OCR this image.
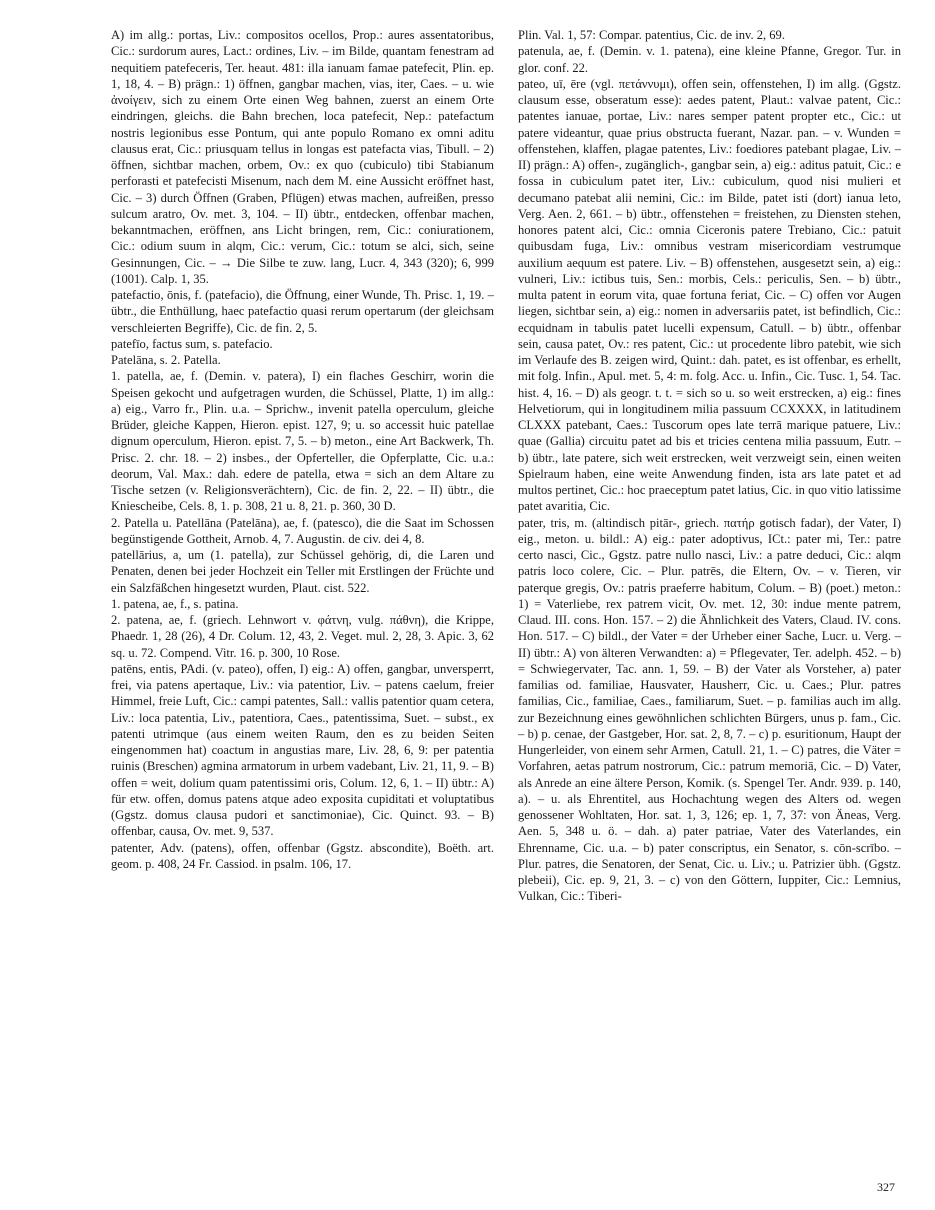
A) im allg.: portas, Liv.: compositos ocellos, Prop.: aures assentatoribus, Cic.: surdorum aures, Lact.: ordines, Liv. – im Bilde, quantam fenestram ad nequitiem patefeceris, Ter. heaut. 481: illa ianuam famae patefecit, Plin. ep. 1, 18, 4. – B) prägn.: 1) öffnen, gangbar machen, vias, iter, Caes. – u. wie ἀνοίγειν, sich zu einem Orte einen Weg bahnen, zuerst an einem Orte eindringen, gleichs. die Bahn brechen, loca patefecit, Nep.: patefactum nostris legionibus esse Pontum, qui ante populo Romano ex omni aditu clausus erat, Cic.: priusquam tellus in longas est patefacta vias, Tibull. – 2) öffnen, sichtbar machen, orbem, Ov.: ex quo (cubiculo) tibi Stabianum perforasti et patefecisti Misenum, nach dem M. eine Aussicht eröffnet hast, Cic. – 3) durch Öffnen (Graben, Pflügen) etwas machen, aufreißen, presso sulcum aratro, Ov. met. 3, 104. – II) übtr., entdecken, offenbar machen, bekanntmachen, eröffnen, ans Licht bringen, rem, Cic.: coniurationem, Cic.: odium suum in alqm, Cic.: verum, Cic.: totum se alci, sich, seine Gesinnungen, Cic. – → Die Silbe te zuw. lang, Lucr. 4, 343 (320); 6, 999 (1001). Calp. 1, 35.

patefactio, ōnis, f. (patefacio), die Öffnung, einer Wunde, Th. Prisc. 1, 19. – übtr., die Enthüllung, haec patefactio quasi rerum opertarum (der gleichsam verschleierten Begriffe), Cic. de fin. 2, 5.

patefīo, factus sum, s. patefacio.

Patelāna, s. 2. Patella.

1. patella, ae, f. (Demin. v. patera), I) ein flaches Geschirr, worin die Speisen gekocht und aufgetragen wurden, die Schüssel, Platte, 1) im allg.: a) eig., Varro fr., Plin. u.a. – Sprichw., invenit patella operculum, gleiche Brüder, gleiche Kappen, Hieron. epist. 127, 9; u. so accessit huic patellae dignum operculum, Hieron. epist. 7, 5. – b) meton., eine Art Backwerk, Th. Prisc. 2. chr. 18. – 2) insbes., der Opferteller, die Opferplatte, Cic. u.a.: deorum, Val. Max.: dah. edere de patella, etwa = sich an dem Altare zu Tische setzen (v. Religionsverächtern), Cic. de fin. 2, 22. – II) übtr., die Kniescheibe, Cels. 8, 1. p. 308, 21 u. 8, 21. p. 360, 30 D.

2. Patella u. Patellāna (Patelāna), ae, f. (patesco), die die Saat im Schossen begünstigende Gottheit, Arnob. 4, 7. Augustin. de civ. dei 4, 8.

patellārius, a, um (1. patella), zur Schüssel gehörig, di, die Laren und Penaten, denen bei jeder Hochzeit ein Teller mit Erstlingen der Früchte und ein Salzfäßchen hingesetzt wurden, Plaut. cist. 522.

1. patena, ae, f., s. patina.

2. patena, ae, f. (griech. Lehnwort v. φάτνη, vulg. πάθνη), die Krippe, Phaedr. 1, 28 (26), 4 Dr. Colum. 12, 43, 2. Veget. mul. 2, 28, 3. Apic. 3, 62 sq. u. 72. Compend. Vitr. 16. p. 300, 10 Rose.

patēns, entis, PAdi. (v. pateo), offen, I) eig.: A) offen, gangbar, unversperrt, frei, via patens apertaque, Liv.: via patentior, Liv. – patens caelum, freier Himmel, freie Luft, Cic.: campi patentes, Sall.: vallis patentior quam cetera, Liv.: loca patentia, Liv., patentiora, Caes., patentissima, Suet. – subst., ex patenti utrimque (aus einem weiten Raum, den es zu beiden Seiten eingenommen hat) coactum in angustias mare, Liv. 28, 6, 9: per patentia ruinis (Breschen) agmina armatorum in urbem vadebant, Liv. 21, 11, 9. – B) offen = weit, dolium quam patentissimi oris, Colum. 12, 6, 1. – II) übtr.: A) für etw. offen, domus patens atque adeo exposita cupiditati et voluptatibus (Ggstz. domus clausa pudori et sanctimoniae), Cic. Quinct. 93. – B) offenbar, causa, Ov. met. 9, 537.

patenter, Adv. (patens), offen, offenbar (Ggstz. abscondite), Boëth. art. geom. p. 408, 24 Fr. Cassiod. in psalm. 106, 17.

Plin. Val. 1, 57: Compar. patentius, Cic. de inv. 2, 69.

patenula, ae, f. (Demin. v. 1. patena), eine kleine Pfanne, Gregor. Tur. in glor. conf. 22.

pateo, uī, ēre (vgl. πετάννυμι), offen sein, offenstehen, I) im allg. (Ggstz. clausum esse, obseratum esse): aedes patent, Plaut.: valvae patent, Cic.: patentes ianuae, portae, Liv.: nares semper patent propter etc., Cic.: ut patere videantur, quae prius obstructa fuerant, Nazar. pan. – v. Wunden = offenstehen, klaffen, plagae patentes, Liv.: foediores patebant plagae, Liv. – II) prägn.: A) offen-, zugänglich-, gangbar sein, a) eig.: aditus patuit, Cic.: e fossa in cubiculum patet iter, Liv.: cubiculum, quod nisi mulieri et decumano patebat alii nemini, Cic.: im Bilde, patet isti (dort) ianua leto, Verg. Aen. 2, 661. – b) übtr., offenstehen = freistehen, zu Diensten stehen, honores patent alci, Cic.: omnia Ciceronis patere Trebiano, Cic.: patuit quibusdam fuga, Liv.: omnibus vestram misericordiam vestrumque auxilium aequum est patere. Liv. – B) offenstehen, ausgesetzt sein, a) eig.: vulneri, Liv.: ictibus tuis, Sen.: morbis, Cels.: periculis, Sen. – b) übtr., multa patent in eorum vita, quae fortuna feriat, Cic. – C) offen vor Augen liegen, sichtbar sein, a) eig.: nomen in adversariis patet, ist befindlich, Cic.: ecquidnam in tabulis patet lucelli expensum, Catull. – b) übtr., offenbar sein, causa patet, Ov.: res patent, Cic.: ut procedente libro patebit, wie sich im Verlaufe des B. zeigen wird, Quint.: dah. patet, es ist offenbar, es erhellt, mit folg. Infin., Apul. met. 5, 4: m. folg. Acc. u. Infin., Cic. Tusc. 1, 54. Tac. hist. 4, 16. – D) als geogr. t. t. = sich so u. so weit erstrecken, a) eig.: fines Helvetiorum, qui in longitudinem milia passuum CCXXXX, in latitudinem CLXXX patebant, Caes.: Tuscorum opes late terrā marique patuere, Liv.: quae (Gallia) circuitu patet ad bis et tricies centena milia passuum, Eutr. – b) übtr., late patere, sich weit erstrecken, weit verzweigt sein, einen weiten Spielraum haben, eine weite Anwendung finden, ista ars late patet et ad multos pertinet, Cic.: hoc praeceptum patet latius, Cic. in quo vitio latissime patet avaritia, Cic.

pater, tris, m. (altindisch pitār-, griech. πατήρ gotisch fadar), der Vater, I) eig., meton. u. bildl.: A) eig.: pater adoptivus, ICt.: pater mi, Ter.: patre certo nasci, Cic., Ggstz. patre nullo nasci, Liv.: a patre deduci, Cic.: alqm patris loco colere, Cic. – Plur. patrēs, die Eltern, Ov. – v. Tieren, vir paterque gregis, Ov.: patris praeferre habitum, Colum. – B) (poet.) meton.: 1) = Vaterliebe, rex patrem vicit, Ov. met. 12, 30: indue mente patrem, Claud. III. cons. Hon. 157. – 2) die Ähnlichkeit des Vaters, Claud. IV. cons. Hon. 517. – C) bildl., der Vater = der Urheber einer Sache, Lucr. u. Verg. – II) übtr.: A) von älteren Verwandten: a) = Pflegevater, Ter. adelph. 452. – b) = Schwiegervater, Tac. ann. 1, 59. – B) der Vater als Vorsteher, a) pater familias od. familiae, Hausvater, Hausherr, Cic. u. Caes.; Plur. patres familias, Cic., familiae, Caes., familiarum, Suet. – p. familias auch im allg. zur Bezeichnung eines gewöhnlichen schlichten Bürgers, unus p. fam., Cic. – b) p. cenae, der Gastgeber, Hor. sat. 2, 8, 7. – c) p. esuritionum, Haupt der Hungerleider, von einem sehr Armen, Catull. 21, 1. – C) patres, die Väter = Vorfahren, aetas patrum nostrorum, Cic.: patrum memoriā, Cic. – D) Vater, als Anrede an eine ältere Person, Komik. (s. Spengel Ter. Andr. 939. p. 140, a). – u. als Ehrentitel, aus Hochachtung wegen des Alters od. wegen genossener Wohltaten, Hor. sat. 1, 3, 126; ep. 1, 7, 37: von Äneas, Verg. Aen. 5, 348 u. ö. – dah. a) pater patriae, Vater des Vaterlandes, ein Ehrenname, Cic. u.a. – b) pater conscriptus, ein Senator, s. cōn-scrībo. – Plur. patres, die Senatoren, der Senat, Cic. u. Liv.; u. Patrizier übh. (Ggstz. plebeii), Cic. ep. 9, 21, 3. – c) von den Göttern, Iuppiter, Cic.: Lemnius, Vulkan, Cic.: Tiberi-

327
